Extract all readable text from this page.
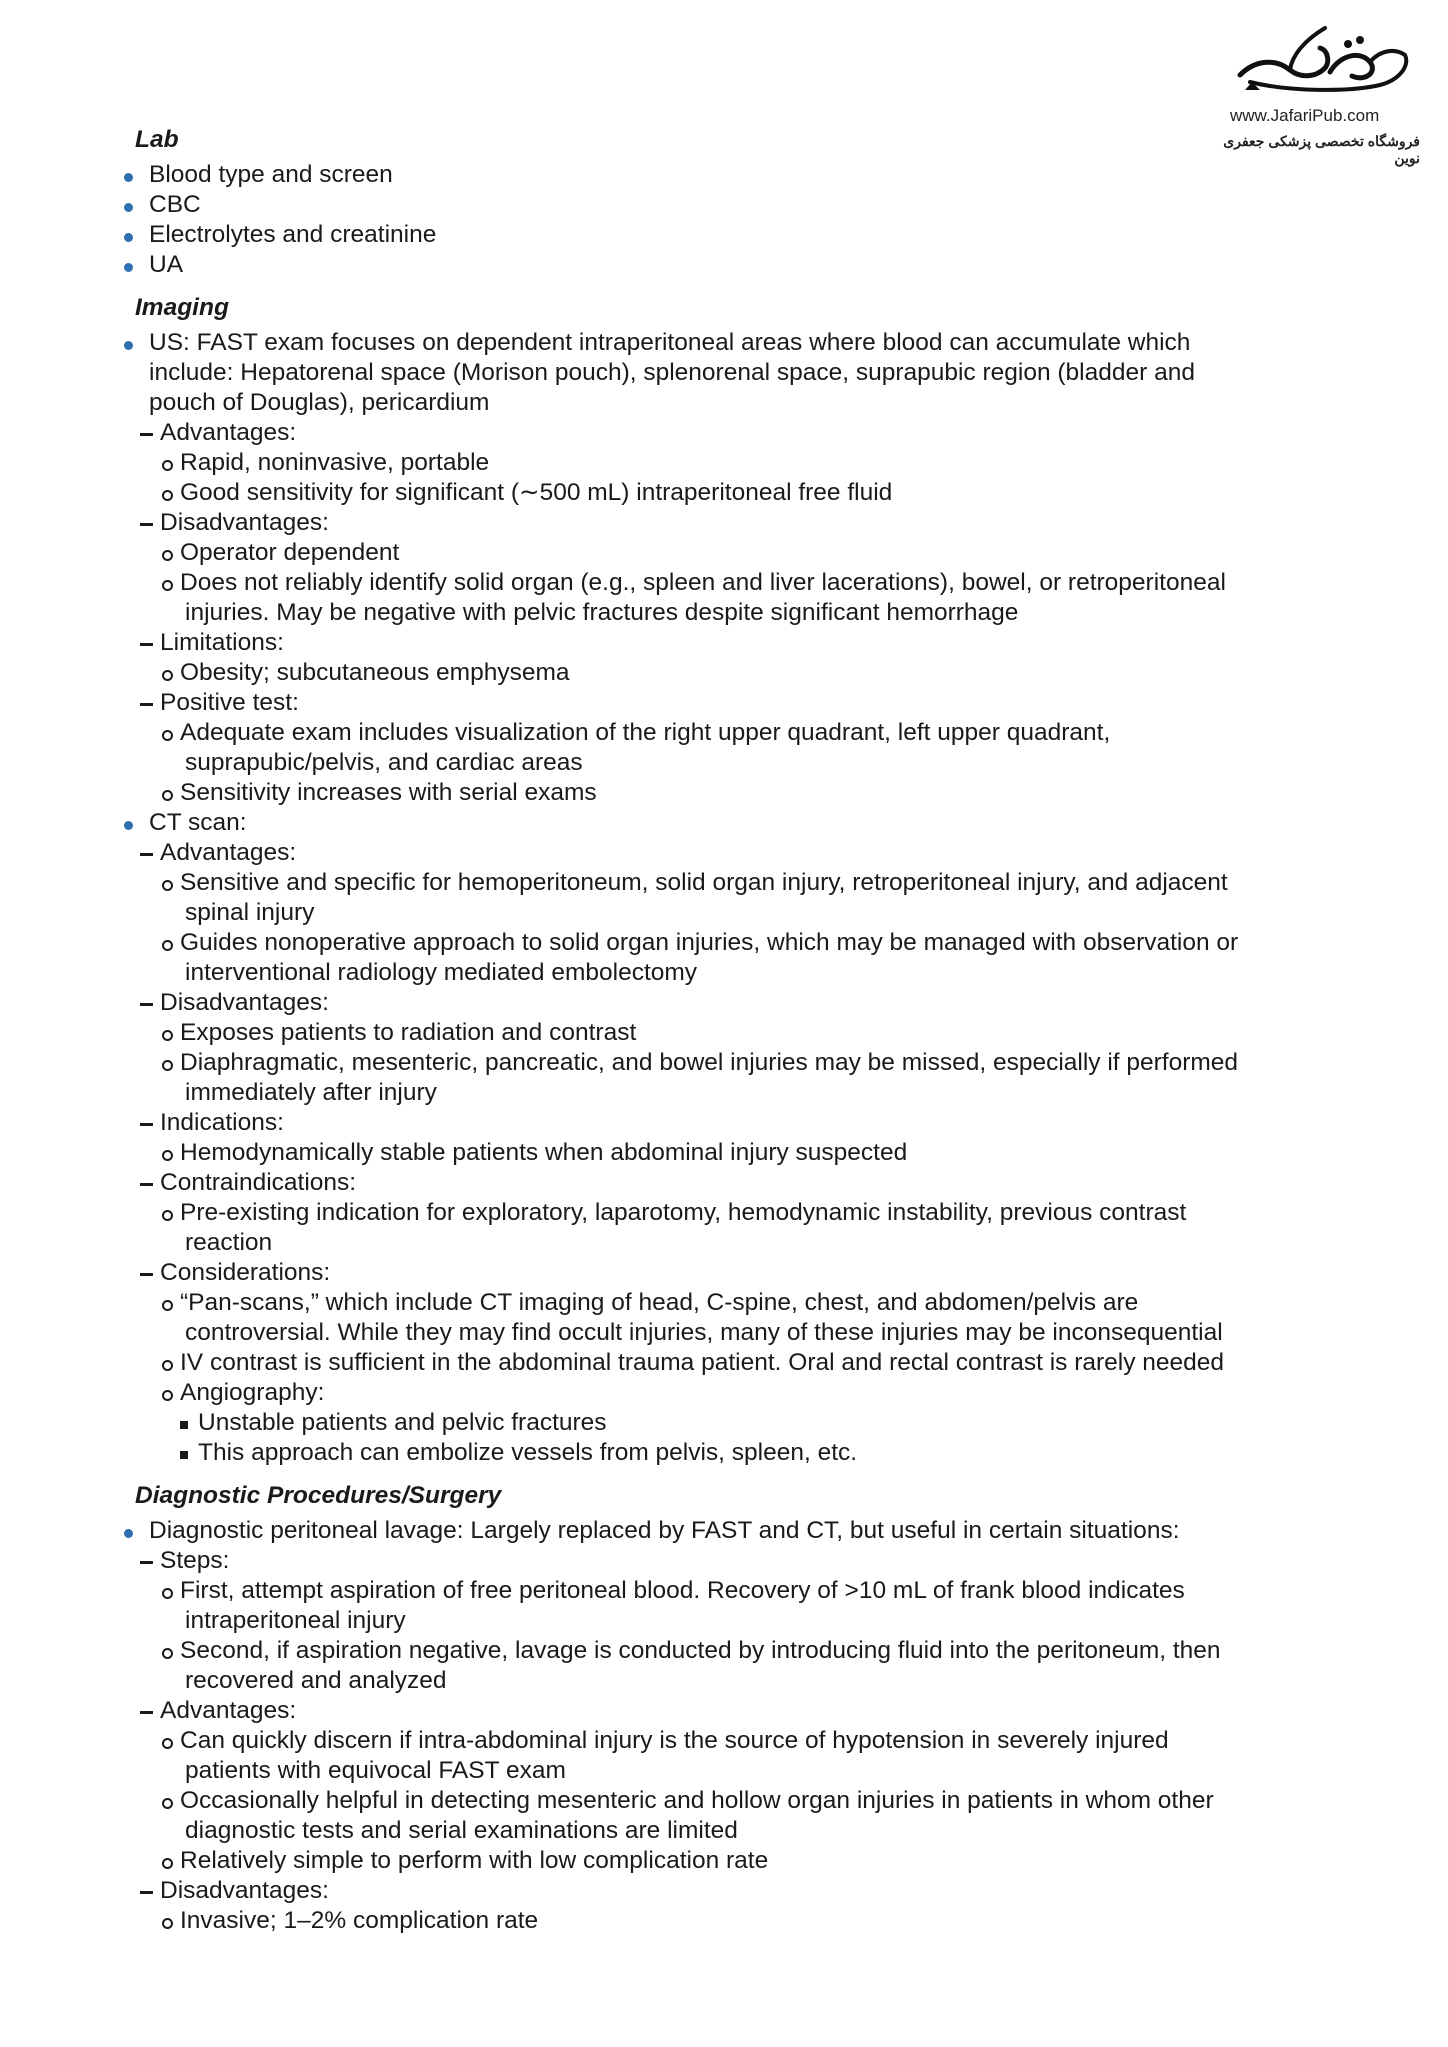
www.JafariPub.com
فروشگاه تخصصی پزشکی جعفری نوین
Lab
Blood type and screen
CBC
Electrolytes and creatinine
UA
Imaging
US: FAST exam focuses on dependent intraperitoneal areas where blood can accumulate which
include: Hepatorenal space (Morison pouch), splenorenal space, suprapubic region (bladder and
pouch of Douglas), pericardium
Advantages:
Rapid, noninvasive, portable
Good sensitivity for significant (∼500 mL) intraperitoneal free fluid
Disadvantages:
Operator dependent
Does not reliably identify solid organ (e.g., spleen and liver lacerations), bowel, or retroperitoneal
injuries. May be negative with pelvic fractures despite significant hemorrhage
Limitations:
Obesity; subcutaneous emphysema
Positive test:
Adequate exam includes visualization of the right upper quadrant, left upper quadrant,
suprapubic/pelvis, and cardiac areas
Sensitivity increases with serial exams
CT scan:
Advantages:
Sensitive and specific for hemoperitoneum, solid organ injury, retroperitoneal injury, and adjacent
spinal injury
Guides nonoperative approach to solid organ injuries, which may be managed with observation or
interventional radiology mediated embolectomy
Disadvantages:
Exposes patients to radiation and contrast
Diaphragmatic, mesenteric, pancreatic, and bowel injuries may be missed, especially if performed
immediately after injury
Indications:
Hemodynamically stable patients when abdominal injury suspected
Contraindications:
Pre-existing indication for exploratory, laparotomy, hemodynamic instability, previous contrast
reaction
Considerations:
“Pan-scans,” which include CT imaging of head, C-spine, chest, and abdomen/pelvis are
controversial. While they may find occult injuries, many of these injuries may be inconsequential
IV contrast is sufficient in the abdominal trauma patient. Oral and rectal contrast is rarely needed
Angiography:
Unstable patients and pelvic fractures
This approach can embolize vessels from pelvis, spleen, etc.
Diagnostic Procedures/Surgery
Diagnostic peritoneal lavage: Largely replaced by FAST and CT, but useful in certain situations:
Steps:
First, attempt aspiration of free peritoneal blood. Recovery of >10 mL of frank blood indicates
intraperitoneal injury
Second, if aspiration negative, lavage is conducted by introducing fluid into the peritoneum, then
recovered and analyzed
Advantages:
Can quickly discern if intra-abdominal injury is the source of hypotension in severely injured
patients with equivocal FAST exam
Occasionally helpful in detecting mesenteric and hollow organ injuries in patients in whom other
diagnostic tests and serial examinations are limited
Relatively simple to perform with low complication rate
Disadvantages:
Invasive; 1–2% complication rate
